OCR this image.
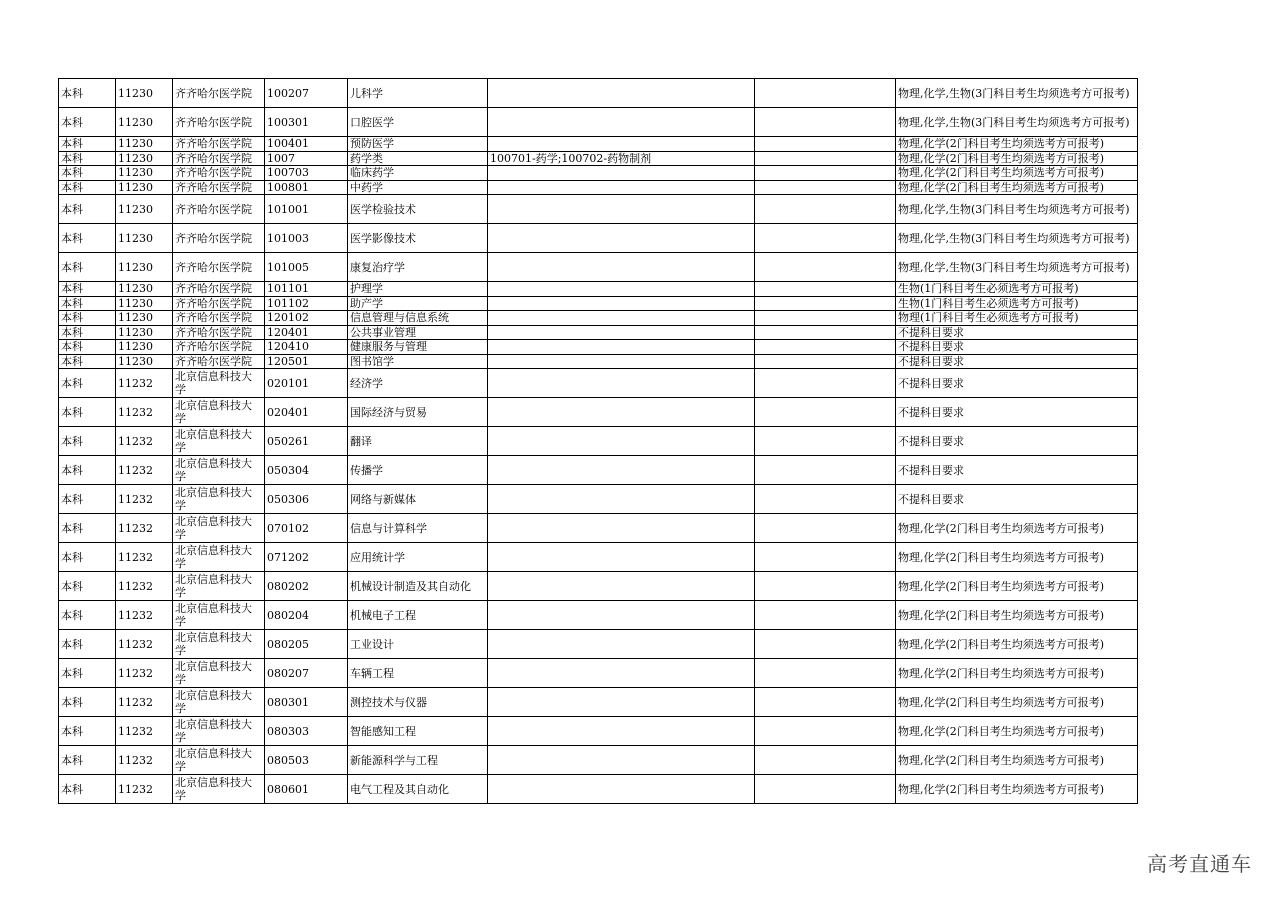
本科	11230	齐齐哈尔医学院	100207	儿科学			物理,化学,生物(3门科目考生均须选考方可报考)
本科	11230	齐齐哈尔医学院	100301	口腔医学			物理,化学,生物(3门科目考生均须选考方可报考)
本科	11230	齐齐哈尔医学院	100401	预防医学			物理,化学(2门科目考生均须选考方可报考)
本科	11230	齐齐哈尔医学院	1007	药学类	100701-药学;100702-药物制剂		物理,化学(2门科目考生均须选考方可报考)
本科	11230	齐齐哈尔医学院	100703	临床药学			物理,化学(2门科目考生均须选考方可报考)
本科	11230	齐齐哈尔医学院	100801	中药学			物理,化学(2门科目考生均须选考方可报考)
本科	11230	齐齐哈尔医学院	101001	医学检验技术			物理,化学,生物(3门科目考生均须选考方可报考)
本科	11230	齐齐哈尔医学院	101003	医学影像技术			物理,化学,生物(3门科目考生均须选考方可报考)
本科	11230	齐齐哈尔医学院	101005	康复治疗学			物理,化学,生物(3门科目考生均须选考方可报考)
本科	11230	齐齐哈尔医学院	101101	护理学			生物(1门科目考生必须选考方可报考)
本科	11230	齐齐哈尔医学院	101102	助产学			生物(1门科目考生必须选考方可报考)
本科	11230	齐齐哈尔医学院	120102	信息管理与信息系统			物理(1门科目考生必须选考方可报考)
本科	11230	齐齐哈尔医学院	120401	公共事业管理			不提科目要求
本科	11230	齐齐哈尔医学院	120410	健康服务与管理			不提科目要求
本科	11230	齐齐哈尔医学院	120501	图书馆学			不提科目要求
本科	11232	北京信息科技大学	020101	经济学			不提科目要求
本科	11232	北京信息科技大学	020401	国际经济与贸易			不提科目要求
本科	11232	北京信息科技大学	050261	翻译			不提科目要求
本科	11232	北京信息科技大学	050304	传播学			不提科目要求
本科	11232	北京信息科技大学	050306	网络与新媒体			不提科目要求
本科	11232	北京信息科技大学	070102	信息与计算科学			物理,化学(2门科目考生均须选考方可报考)
本科	11232	北京信息科技大学	071202	应用统计学			物理,化学(2门科目考生均须选考方可报考)
本科	11232	北京信息科技大学	080202	机械设计制造及其自动化			物理,化学(2门科目考生均须选考方可报考)
本科	11232	北京信息科技大学	080204	机械电子工程			物理,化学(2门科目考生均须选考方可报考)
本科	11232	北京信息科技大学	080205	工业设计			物理,化学(2门科目考生均须选考方可报考)
本科	11232	北京信息科技大学	080207	车辆工程			物理,化学(2门科目考生均须选考方可报考)
本科	11232	北京信息科技大学	080301	测控技术与仪器			物理,化学(2门科目考生均须选考方可报考)
本科	11232	北京信息科技大学	080303	智能感知工程			物理,化学(2门科目考生均须选考方可报考)
本科	11232	北京信息科技大学	080503	新能源科学与工程			物理,化学(2门科目考生均须选考方可报考)
本科	11232	北京信息科技大学	080601	电气工程及其自动化			物理,化学(2门科目考生均须选考方可报考)
高考直通车
